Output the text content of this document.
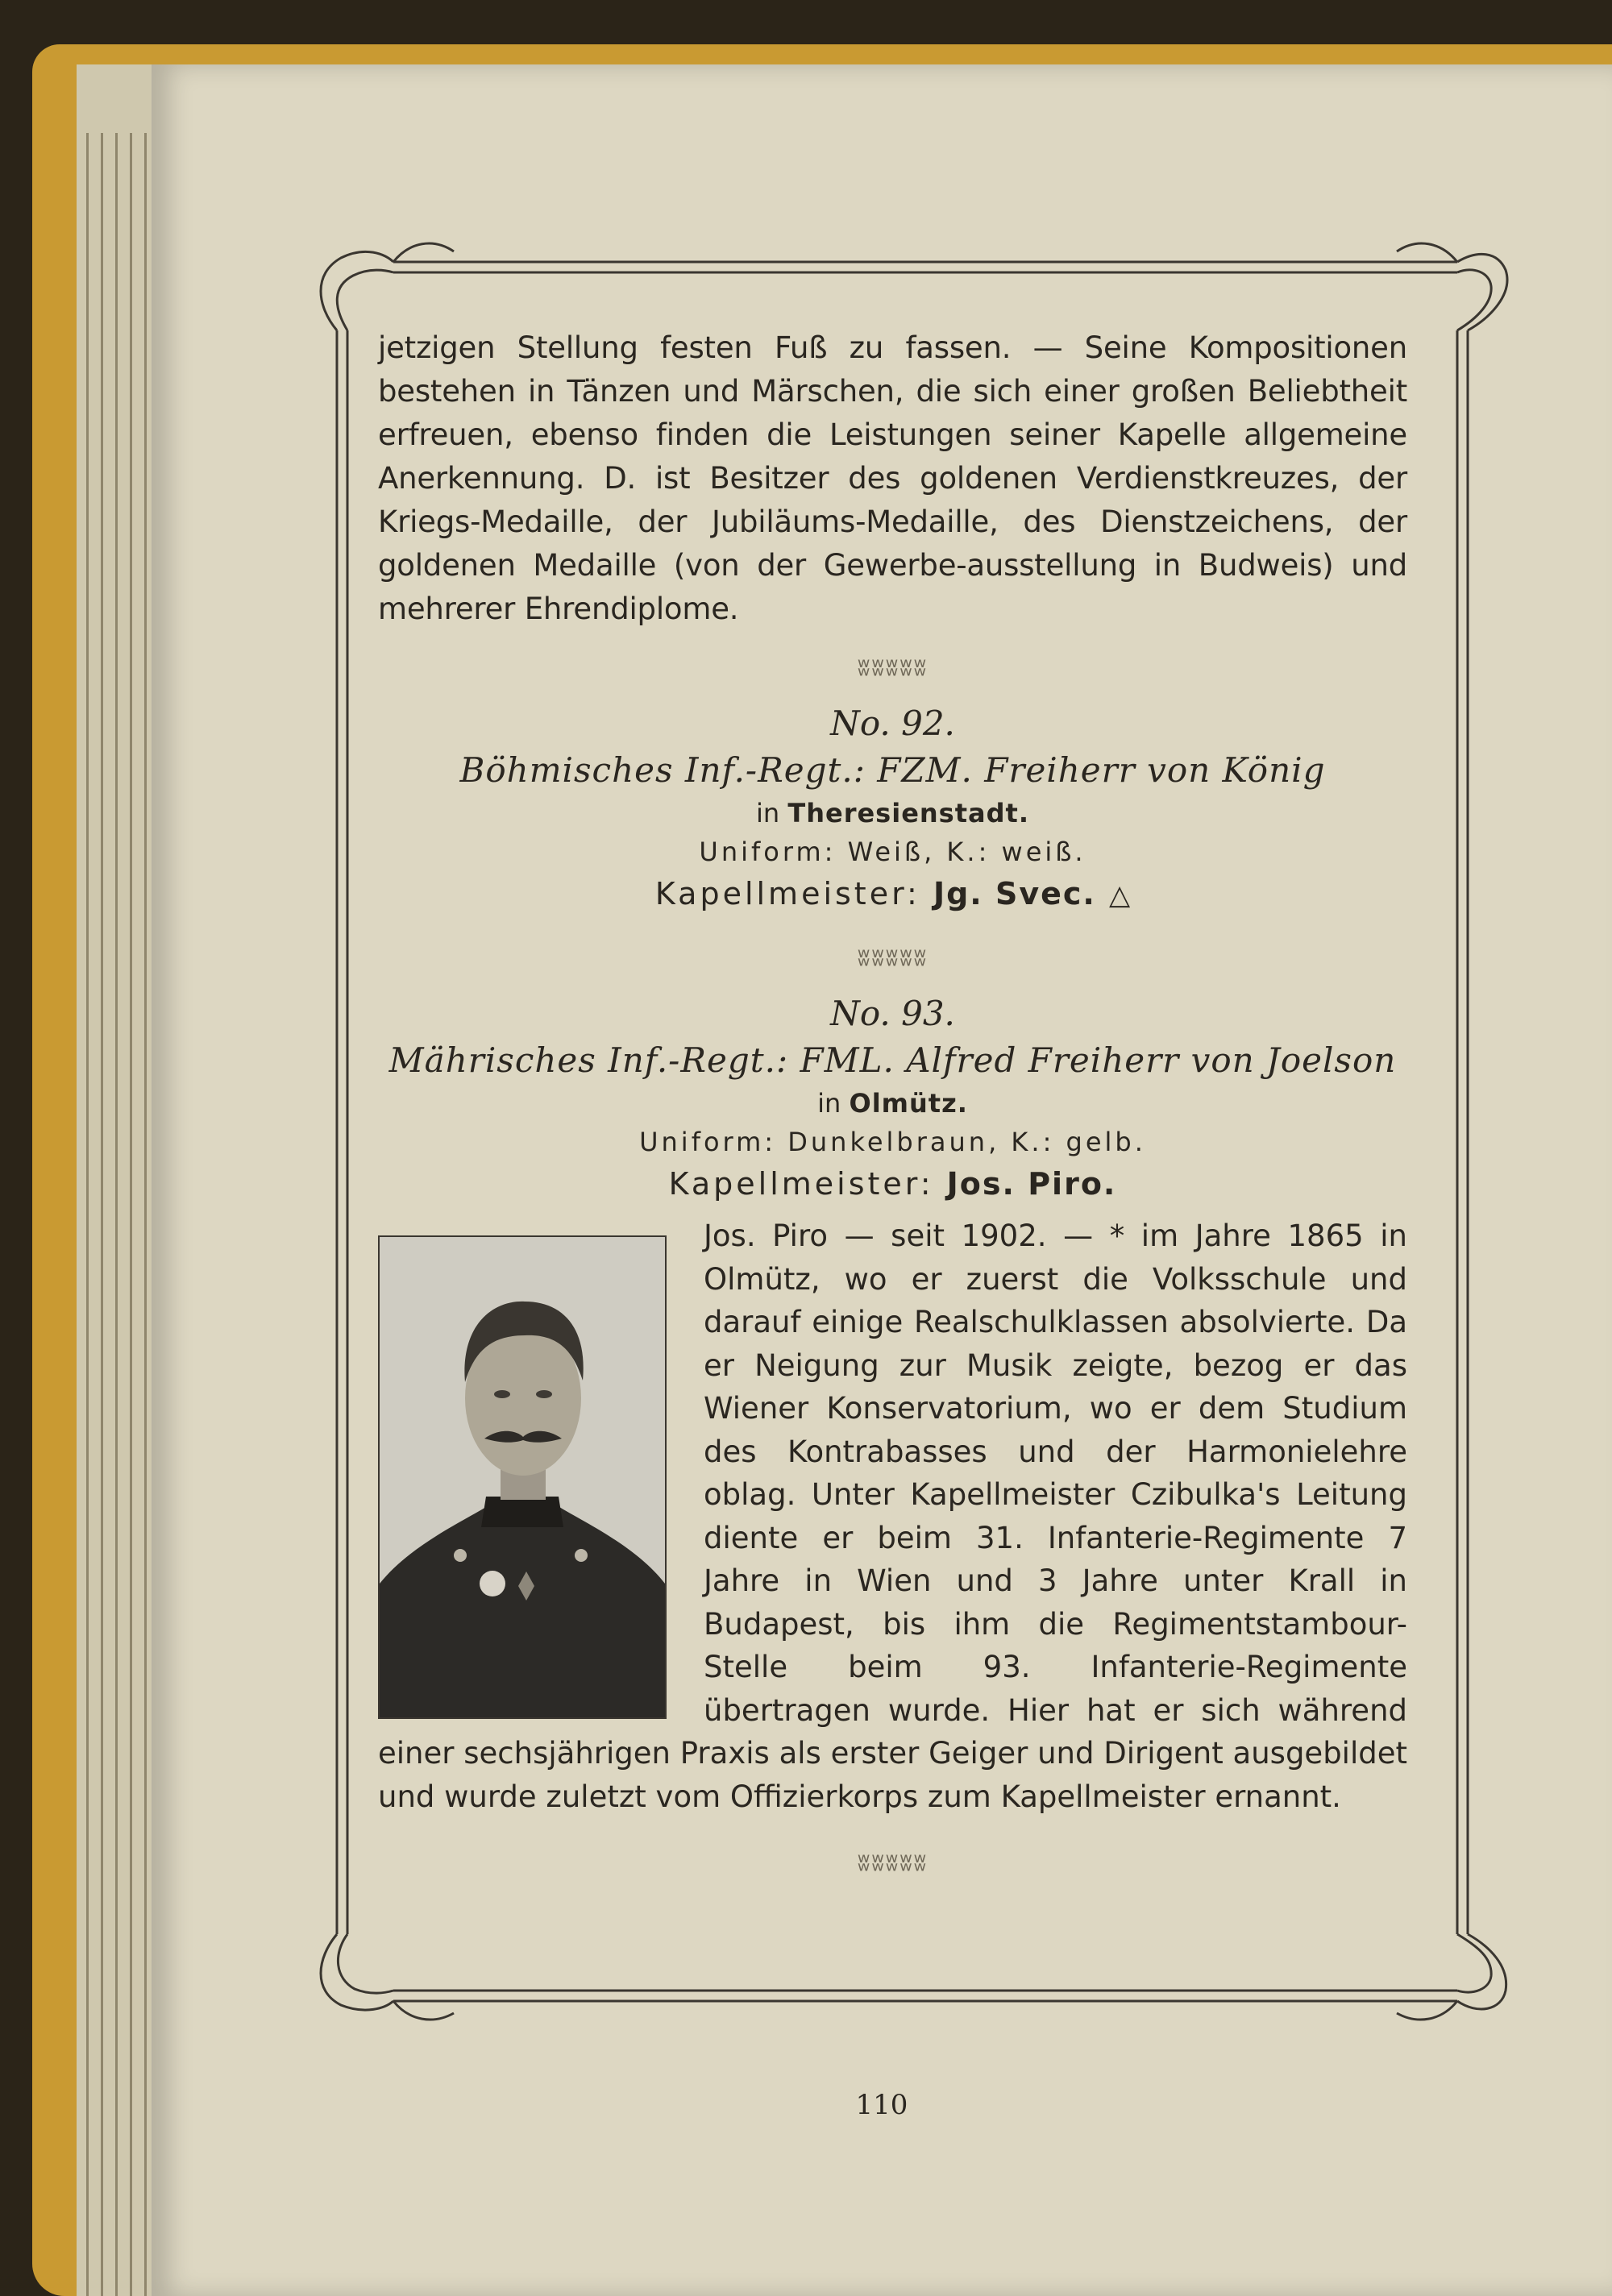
110

jetzigen Stellung festen Fuß zu fassen. — Seine Kompositionen bestehen in Tänzen und Märschen, die sich einer großen Beliebtheit erfreuen, ebenso finden die Leistungen seiner Kapelle allgemeine Anerkennung. D. ist Besitzer des goldenen Verdienstkreuzes, der Kriegs-Medaille, der Jubiläums-Medaille, des Dienstzeichens, der goldenen Medaille (von der Gewerbe-ausstellung in Budweis) und mehrerer Ehrendiplome.

ʬʬʬʬʬ

No. 92.

Böhmisches Inf.-Regt.: FZM. Freiherr von König

in Theresienstadt.

Uniform: Weiß, K.: weiß.

Kapellmeister: Jg. Svec. △

ʬʬʬʬʬ

No. 93.

Mährisches Inf.-Regt.: FML. Alfred Freiherr von Joelson

in Olmütz.

Uniform: Dunkelbraun, K.: gelb.

Kapellmeister: Jos. Piro.

Jos. Piro — seit 1902. — * im Jahre 1865 in Olmütz, wo er zuerst die Volksschule und darauf einige Realschulklassen absolvierte. Da er Neigung zur Musik zeigte, bezog er das Wiener Konservatorium, wo er dem Studium des Kontrabasses und der Harmonielehre oblag. Unter Kapellmeister Czibulka's Leitung diente er beim 31. Infanterie-Regimente 7 Jahre in Wien und 3 Jahre unter Krall in Budapest, bis ihm die Regimentstambour-Stelle beim 93. Infanterie-Regimente übertragen wurde. Hier hat er sich während einer sechsjährigen Praxis als erster Geiger und Dirigent ausgebildet und wurde zuletzt vom Offizierkorps zum Kapellmeister ernannt.

ʬʬʬʬʬ
